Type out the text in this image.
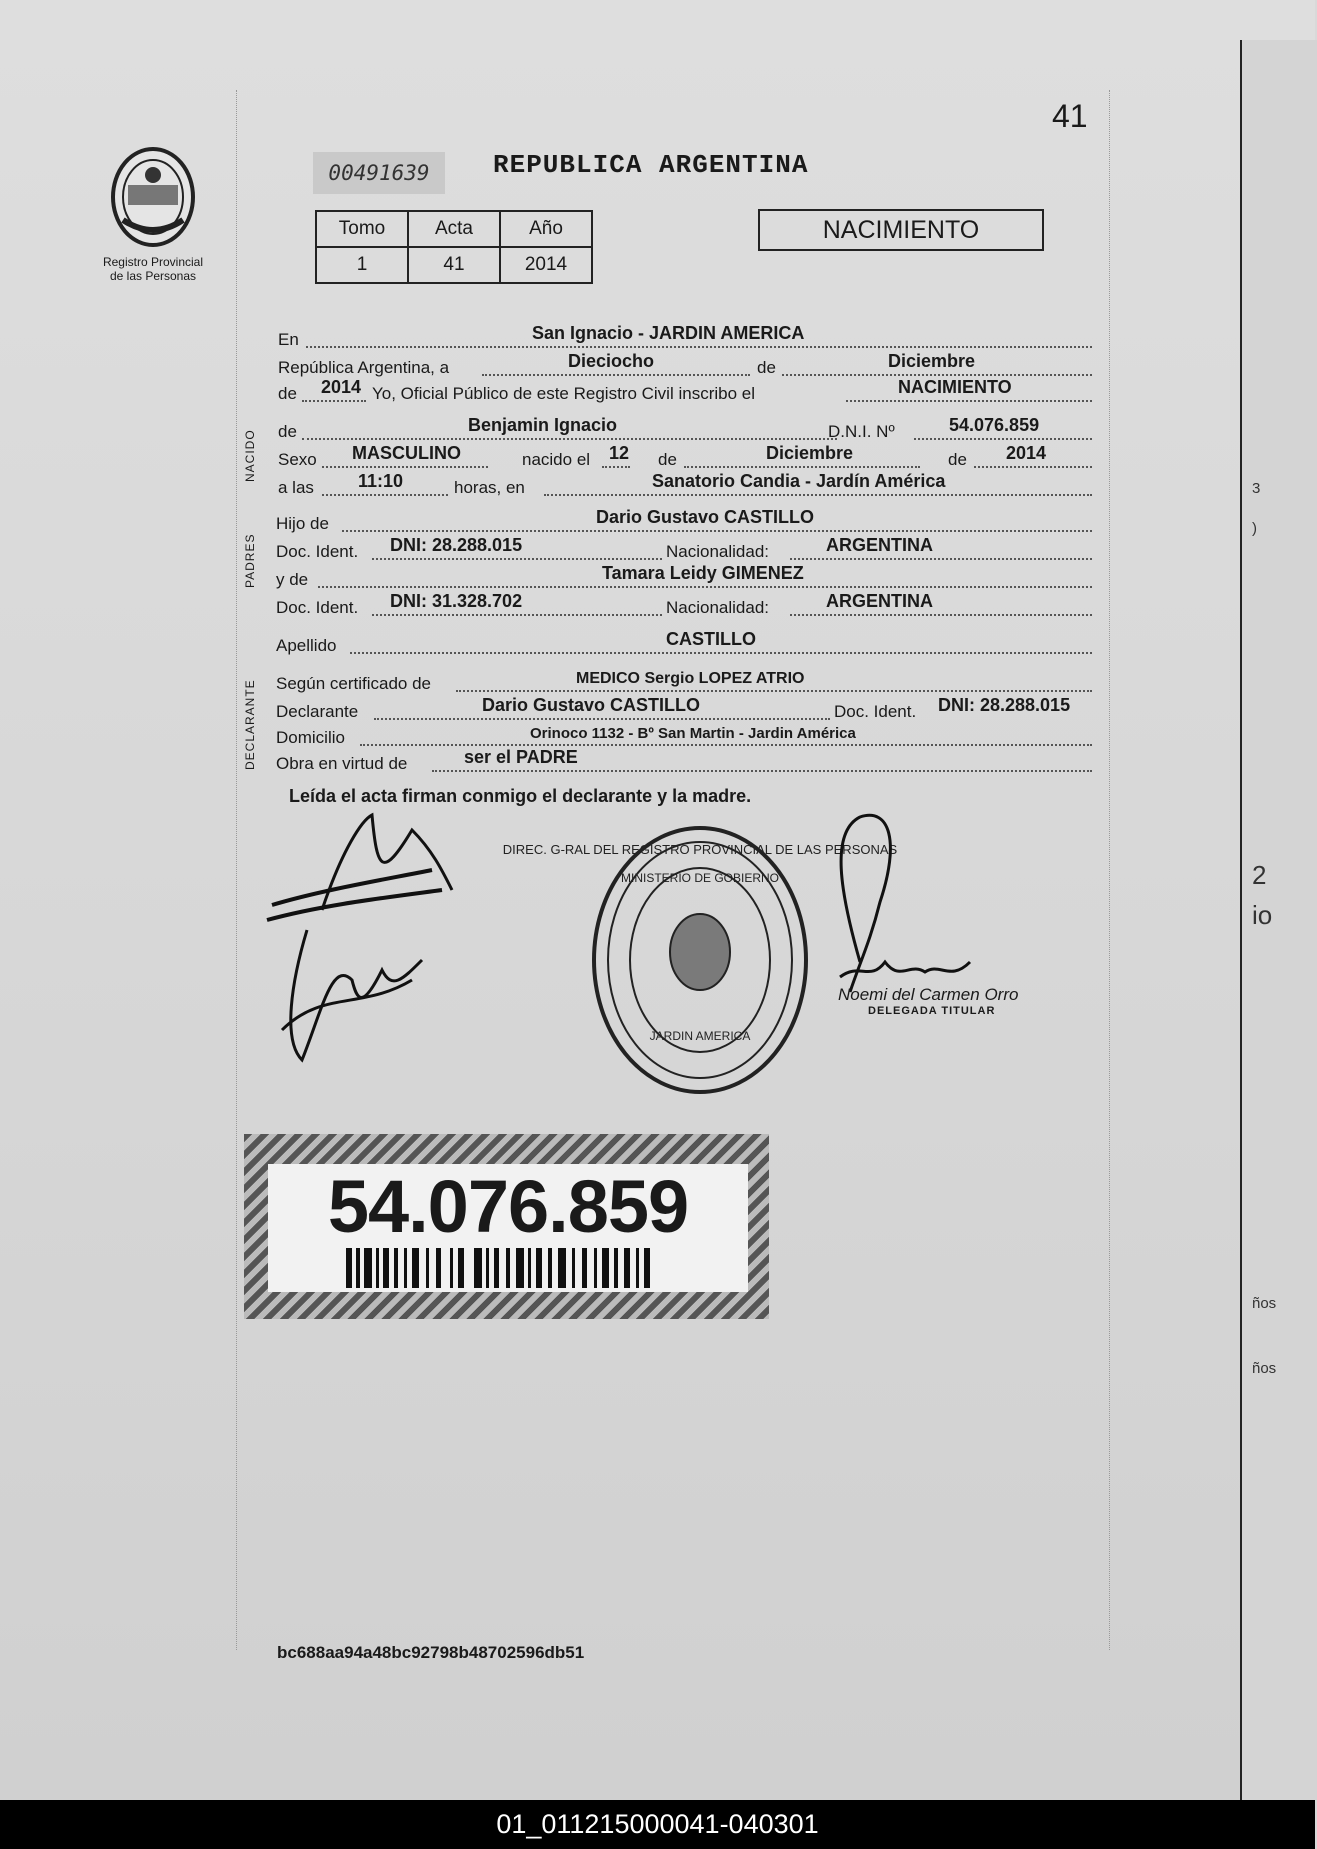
3
)
2
io
ños
ños
41
Registro Provincial
de las Personas
00491639	REPUBLICA ARGENTINA
Tomo	Acta	Año
1	41	2014
NACIMIENTO
NACIDO
PADRES
DECLARANTE
En	San Ignacio - JARDIN AMERICA
República Argentina, a	Dieciocho	de	Diciembre
de 2014 Yo, Oficial Público de este Registro Civil inscribo el	NACIMIENTO
de	Benjamin Ignacio	D.N.I. Nº	54.076.859
Sexo MASCULINO	nacido el 12 de	Diciembre	de 2014
a las 11:10	horas, en	Sanatorio Candia - Jardín América
Hijo de	Dario Gustavo CASTILLO
Doc. Ident. DNI: 28.288.015	Nacionalidad:	ARGENTINA
y de	Tamara Leidy GIMENEZ
Doc. Ident. DNI: 31.328.702	Nacionalidad:	ARGENTINA
Apellido	CASTILLO
Según certificado de	MEDICO Sergio LOPEZ ATRIO
Declarante	Dario Gustavo CASTILLO	Doc. Ident. DNI: 28.288.015
Domicilio	Orinoco 1132 - Bº San Martin - Jardin América
Obra en virtud de	ser el PADRE
Leída el acta firman conmigo el declarante y la madre.
DIREC. G-RAL DEL REGISTRO PROVINCIAL DE LAS PERSONAS
MINISTERIO DE GOBIERNO
JARDIN AMERICA
Noemi del Carmen Orro
DELEGADA TITULAR
54.076.859
bc688aa94a48bc92798b48702596db51
01_011215000041-040301
